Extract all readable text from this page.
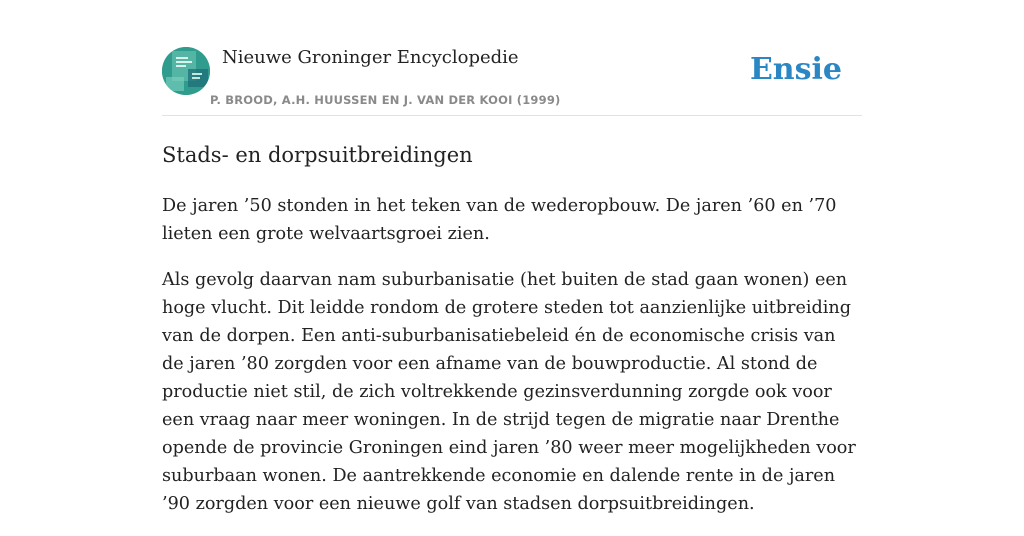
Nieuwe Groninger Encyclopedie
P. BROOD, A.H. HUUSSEN EN J. VAN DER KOOI (1999)
Ensie
Stads- en dorpsuitbreidingen

De jaren ’50 stonden in het teken van de wederopbouw. De jaren ’60 en ’70 lieten een grote welvaartsgroei zien.

Als gevolg daarvan nam suburbanisatie (het buiten de stad gaan wonen) een hoge vlucht. Dit leidde rondom de grotere steden tot aanzienlijke uitbreiding van de dorpen. Een anti-suburbanisatiebeleid én de economische crisis van de jaren ’80 zorgden voor een afname van de bouwproductie. Al stond de productie niet stil, de zich voltrekkende gezinsverdunning zorgde ook voor een vraag naar meer woningen. In de strijd tegen de migratie naar Drenthe opende de provincie Groningen eind jaren ’80 weer meer mogelijkheden voor suburbaan wonen. De aantrekkende economie en dalende rente in de jaren ’90 zorgden voor een nieuwe golf van stadsen dorpsuitbreidingen.
